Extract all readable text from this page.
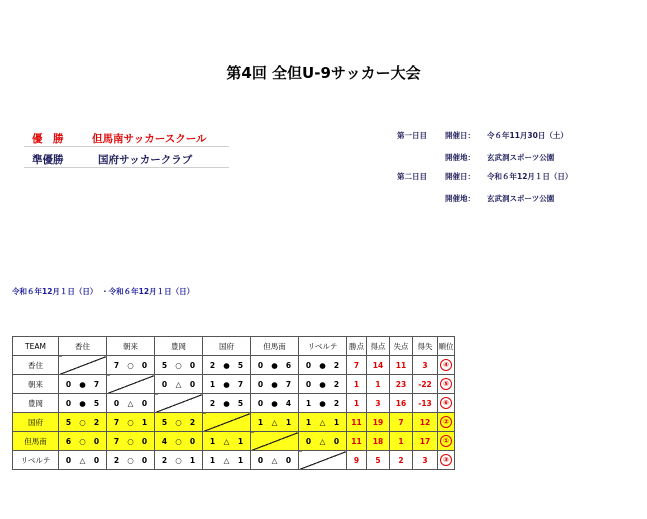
第4回 全但U-9サッカー大会
優　勝	但馬南サッカースクール
準優勝	国府サッカークラブ
第一日目 開催日： 令６年11月30日（土）
開催地： 玄武洞スポーツ公園
第二日目 開催日： 令和６年12月１日（日）
開催地： 玄武洞スポーツ公園
令和６年12月１日（日）　・令和６年12月１日（日）
TEAM	香住	朝来	豊岡	国府	但馬南	リベルテ	勝点	得点	失点	得失	順位
香住		7 ○ 0	5 ○ 0	2 ● 5	0 ● 6	0 ● 2	7	14	11	3	④
朝来	0 ● 7		0 △ 0	1 ● 7	0 ● 7	0 ● 2	1	1	23	-22	⑤
豊岡	0 ● 5	0 △ 0		2 ● 5	0 ● 4	1 ● 2	1	3	16	-13	⑥
国府	5 ○ 2	7 ○ 1	5 ○ 2		1 △ 1	1 △ 1	11	19	7	12	②
但馬南	6 ○ 0	7 ○ 0	4 ○ 0	1 △ 1		0 △ 0	11	18	1	17	①
リベルテ	0 △ 0	2 ○ 0	2 ○ 1	1 △ 1	0 △ 0		9	5	2	3	③
